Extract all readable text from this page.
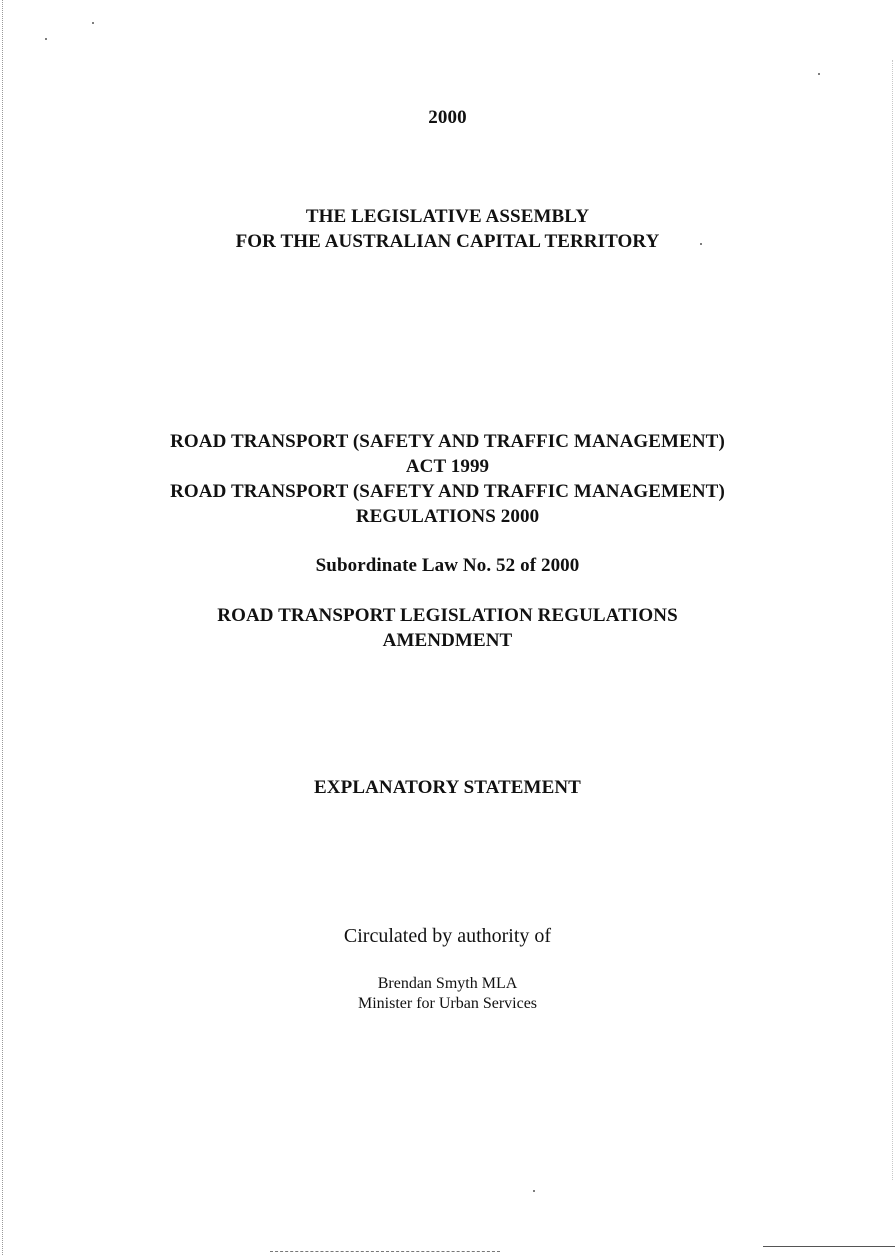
2000
THE LEGISLATIVE ASSEMBLY
FOR THE AUSTRALIAN CAPITAL TERRITORY
ROAD TRANSPORT (SAFETY AND TRAFFIC MANAGEMENT)
ACT 1999
ROAD TRANSPORT (SAFETY AND TRAFFIC MANAGEMENT)
REGULATIONS 2000
Subordinate Law No. 52 of 2000
ROAD TRANSPORT LEGISLATION REGULATIONS
AMENDMENT
EXPLANATORY STATEMENT
Circulated by authority of
Brendan Smyth MLA
Minister for Urban Services
